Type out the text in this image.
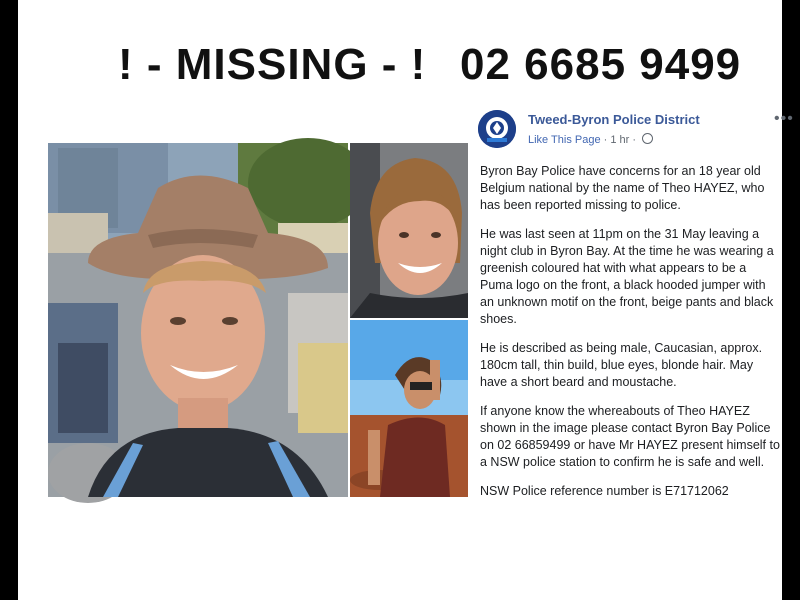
! - MISSING - ! 02 6685 9499
Tweed-Byron Police District
Like This Page · 1 hr ·
•••

Byron Bay Police have concerns for an 18 year old Belgium national by the name of Theo HAYEZ, who has been reported missing to police.

He was last seen at 11pm on the 31 May leaving a night club in Byron Bay. At the time he was wearing a greenish coloured hat with what appears to be a Puma logo on the front, a black hooded jumper with an unknown motif on the front, beige pants and black shoes.

He is described as being male, Caucasian, approx. 180cm tall, thin build, blue eyes, blonde hair. May have a short beard and moustache.

If anyone know the whereabouts of Theo HAYEZ shown in the image please contact Byron Bay Police on 02 66859499 or have Mr HAYEZ present himself to a NSW police station to confirm he is safe and well.

NSW Police reference number is E71712062
